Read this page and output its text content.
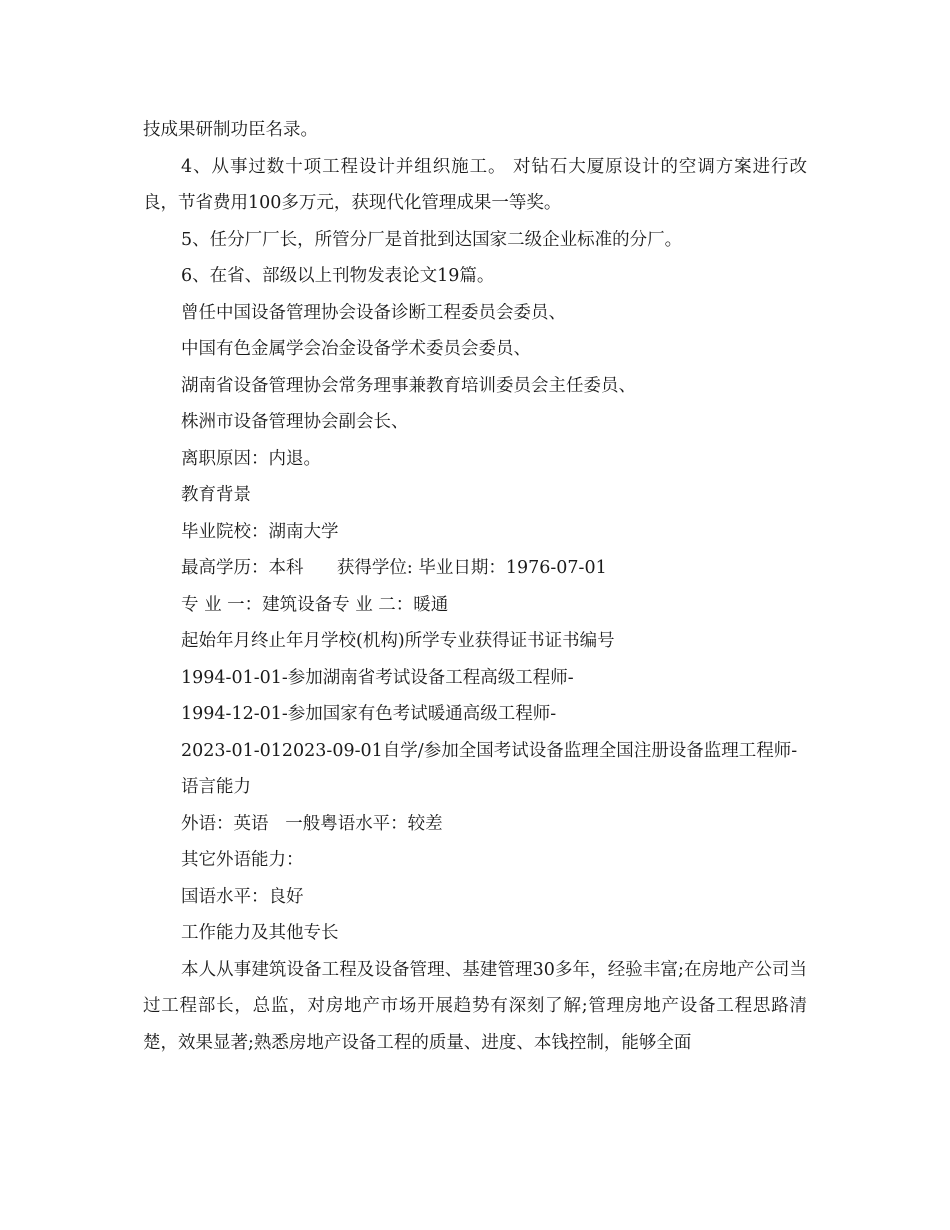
技成果研制功臣名录。

4、从事过数十项工程设计并组织施工。 对钻石大厦原设计的空调方案进行改良，节省费用100多万元，获现代化管理成果一等奖。

5、任分厂厂长，所管分厂是首批到达国家二级企业标准的分厂。

6、在省、部级以上刊物发表论文19篇。

曾任中国设备管理协会设备诊断工程委员会委员、

中国有色金属学会冶金设备学术委员会委员、

湖南省设备管理协会常务理事兼教育培训委员会主任委员、

株洲市设备管理协会副会长、

离职原因：内退。

教育背景

毕业院校：湖南大学

最高学历：本科      获得学位: 毕业日期：1976-07-01

专 业 一：建筑设备专 业 二：暖通

起始年月终止年月学校(机构)所学专业获得证书证书编号

1994-01-01-参加湖南省考试设备工程高级工程师-

1994-12-01-参加国家有色考试暖通高级工程师-

2023-01-012023-09-01自学/参加全国考试设备监理全国注册设备监理工程师-

语言能力

外语：英语   一般粤语水平：较差

其它外语能力：

国语水平：良好

工作能力及其他专长

本人从事建筑设备工程及设备管理、基建管理30多年，经验丰富;在房地产公司当过工程部长，总监，对房地产市场开展趋势有深刻了解;管理房地产设备工程思路清楚，效果显著;熟悉房地产设备工程的质量、进度、本钱控制，能够全面
